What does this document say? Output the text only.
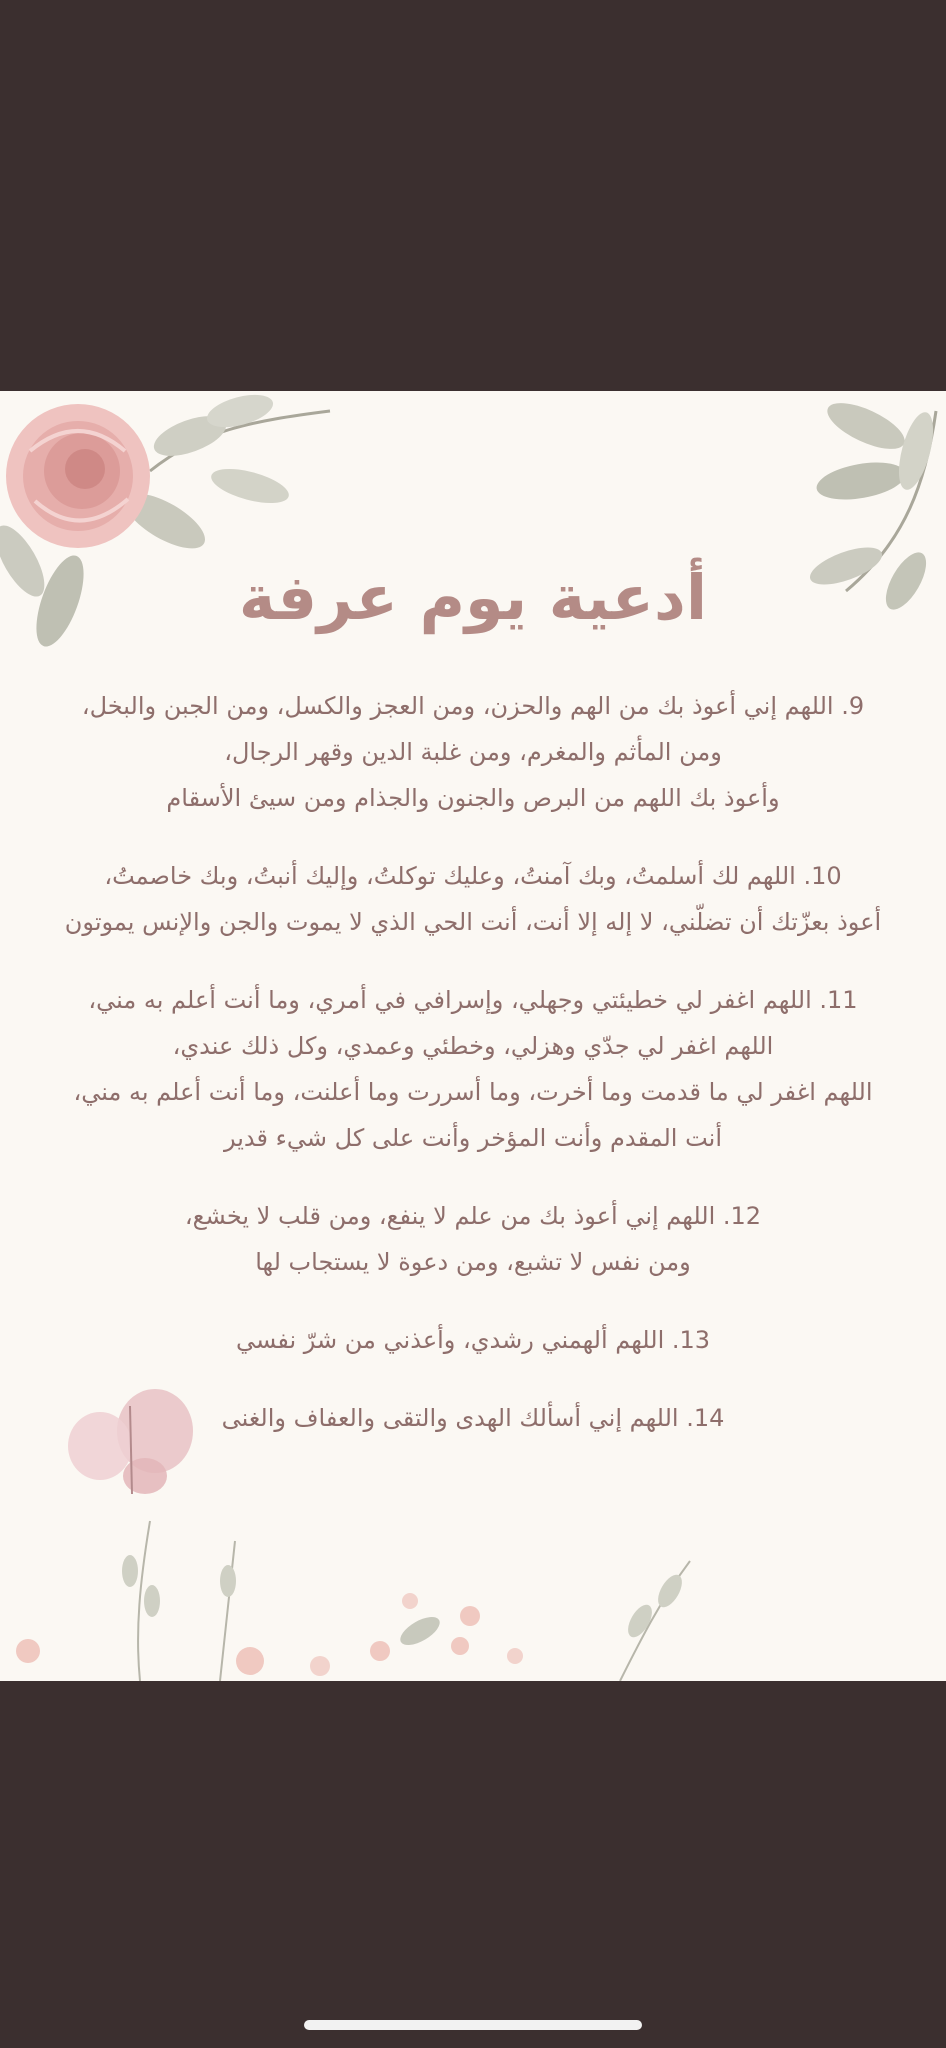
أدعية يوم عرفة

9. اللهم إني أعوذ بك من الهم والحزن، ومن العجز والكسل، ومن الجبن والبخل،

ومن المأثم والمغرم، ومن غلبة الدين وقهر الرجال،

وأعوذ بك اللهم من البرص والجنون والجذام ومن سيئ الأسقام

10. اللهم لك أسلمتُ، وبك آمنتُ، وعليك توكلتُ، وإليك أنبتُ، وبك خاصمتُ،

أعوذ بعزّتك أن تضلّني، لا إله إلا أنت، أنت الحي الذي لا يموت والجن والإنس يموتون

11. اللهم اغفر لي خطيئتي وجهلي، وإسرافي في أمري، وما أنت أعلم به مني،

اللهم اغفر لي جدّي وهزلي، وخطئي وعمدي، وكل ذلك عندي،

اللهم اغفر لي ما قدمت وما أخرت، وما أسررت وما أعلنت، وما أنت أعلم به مني،

أنت المقدم وأنت المؤخر وأنت على كل شيء قدير

12. اللهم إني أعوذ بك من علم لا ينفع، ومن قلب لا يخشع،

ومن نفس لا تشبع، ومن دعوة لا يستجاب لها

13. اللهم ألهمني رشدي، وأعذني من شرّ نفسي

14. اللهم إني أسألك الهدى والتقى والعفاف والغنى
